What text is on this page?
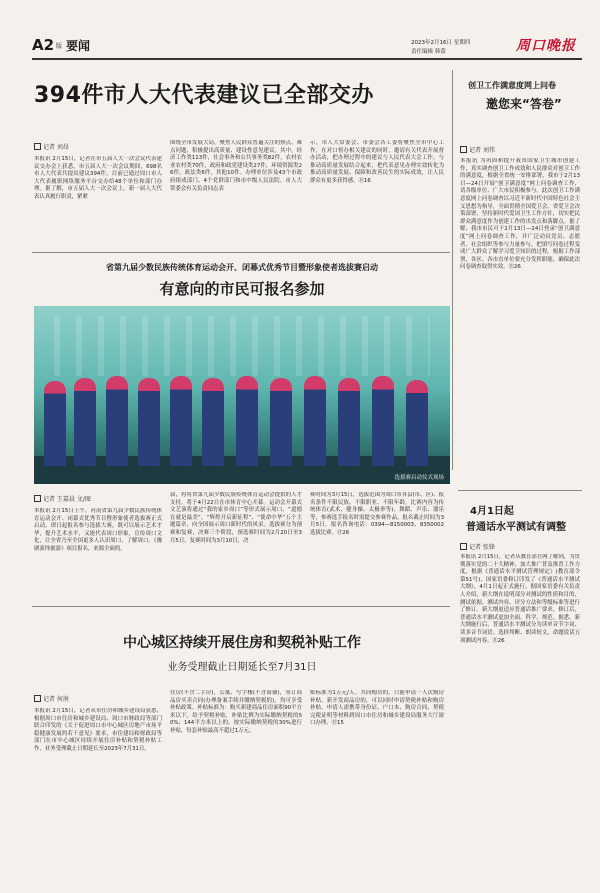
A2 版 要闻	2023年2月16日 星期四
责任编辑 韩蕾	周口晚报
394件市人大代表建议已全部交办
记者 刘昂
本报讯 2月15日，记者在市五届人大一次会议代表建议交办会上获悉，市五届人大一次会议期间，698名市人大代表共提出建议394件，目前已通过周口市人大代表履职网络服务平台交办给48个单位和部门办理。据了解，市五届人大一次会议上，新一届人大代表认真履行职责，紧紧
围绕全市发展大局，聚焦人民群众普遍关注的热点、难点问题，积极提出高质量、建设性意见建议。其中，经济工作类113件，社会事务和公共事务类82件，农村农业农村类70件，政府和政党建设类27件，环境资源类26件，政法类6件，其他10件。办理单位涉及43个市政府组成部门、4个党群部门和市中级人民法院。市人大常委会有关负责同志表
示，市人大常委会、市委会各工委将聚焦全市中心工作，在对口督办相关建议的同时，邀请有关代表开展督办活动，把办理过程中的建议与人民代表大会工作，与推动高质量发展结合起来，把代表意见办理实效转化为推动高质量发展、保障和改善民生的实际成效，让人民群众有更多获得感。⑪16
创卫工作满意度网上问卷
邀您来“答卷”
记者 刘伟
本报讯 为巩固和提升我市国家卫生城市创建工作，真实调查创卫工作成效和人民群众对创卫工作的满意度，根据全省统一安排部署，我市于2月13日—24日开展“创卫满意度”网上问卷调查工作，请各级单位、广大市民积极参与。此次创卫工作满意度网上问卷调查以习近平新时代中国特色社会主义思想为指导，全面贯彻全国爱卫会、省爱卫会决策部署，坚持新时代爱国卫生工作方针，切实把民群众满意度作为创建工作的出发点和落脚点。据了解，我市市民可于2月13日—24日登录“创卫满意度”网上问卷调查工作，并广泛动员党员、志愿者、社会组织等参与力量参与，把填写问卷过程变成广大群众了解学习爱卫知识的过程。根据工作部署，各区、各市直单位要充分发挥职能，确保此次问卷调查取得实效。⑪26
省第九届少数民族传统体育运动会开、闭幕式优秀节目暨形象使者选拔赛启动
有意向的市民可报名参加
选拔赛启动仪式现场
记者 王嘉晨 文/图
本报讯 2月15日上午，河南省第九届少数民族传统体育运动会开、闭幕式优秀节目暨形象使者选拔赛正式启动。即日起报名参与选拔大赛，既可以展示艺术才华，提升艺术水平，又能代表周口形象，宣传周口文化，让全省乃至全国更多人认识周口、了解周口。《豫剧演绎旅游》项目报名，来源全面的。
届，将将省第九届少数民族传统体育运动会提供的人才支持，将于4月22日在市体育中心开幕。运动会开幕式文艺演将通过“我的家乡周口”等形式展示周口、“道德在就是最美”、“辉煌开启新征程”、“使命中华”五个主题篇章，向全国展示周口新时代的风采。选拔赛分为预赛和复赛，决赛三个阶段，预选赛时间为2月20日至3月5日，复赛时间为3月10日，决
赛时间为3月15日，选拔范围为周口市各县(市、区)、报名条件不限民族、不限职业、不限年龄，比赛内容为传统体育(武术、健身操、太极拳等)、舞蹈、声乐、器乐等，参赛选手报名时需提交参赛作品，报名截止时间为3月5日。报名咨询电话：0394—8150003、8350002 选拔比赛。⑪26
4月1日起
普通话水平测试有调整
记者 张锋
本报讯 2月15日，记者从教育部官网了解到，为贯彻落实党的二十大精神，加大推广普及推普工作力度，根据《普通话水平测试管理规定》(教育部令第51号)，国家语委修订印发了《普通话水平测试大纲》，4月1日起正式施行。据国家语委有关负责人介绍，新大纲在说明部分对测试的性质和目的、测试依据、测试内容、评分方法和等级标准等进行了修订。新大纲更适应普通话推广要求，修订后，普通话水平测试更加全面、科学、规范。据悉，新大纲施行后，普通话水平测试分为读单音节字词、读多音节词语、选择判断、朗读短文、命题说话五项测试内容。⑪26
中心城区持续开展住房和契税补贴工作
业务受理截止日期延长至7月31日
记者 何南
本报讯 2月15日，记者从市住房和城乡建设局获悉，根据周口市住房和城乡建设局、周口市财政局等部门联合印发的《关于促进周口市中心城区房地产市场平稳健康发展的若干意见》要求，市住建局和财政局等部门在市中心城区持续开展住房补贴和契税补贴工作，业务受理截止日期延长至2023年7月31日。
住房(不含二手房)，公寓、写字楼(不含商铺)，签订商品房买卖合同(办理备案手续并缴纳契税的)，均可享受补贴政策。补贴标准为：购买新建商品住房面积90平方米以下，给予契税补贴，补贴比例为实际缴纳契税的50%；144平方米以上的，按实际缴纳契税的30%进行补贴，每套补贴最高不超过1万元。
贴标准为1万元/人。共同购房的，只能申请一人次购房补贴。新开发商品房的，可以同时申请契税补贴和购房补贴。申请人需携带身份证、户口本、购房合同、契税完税证明等材料到周口市住房和城乡建设局服务大厅窗口办理。⑪15
